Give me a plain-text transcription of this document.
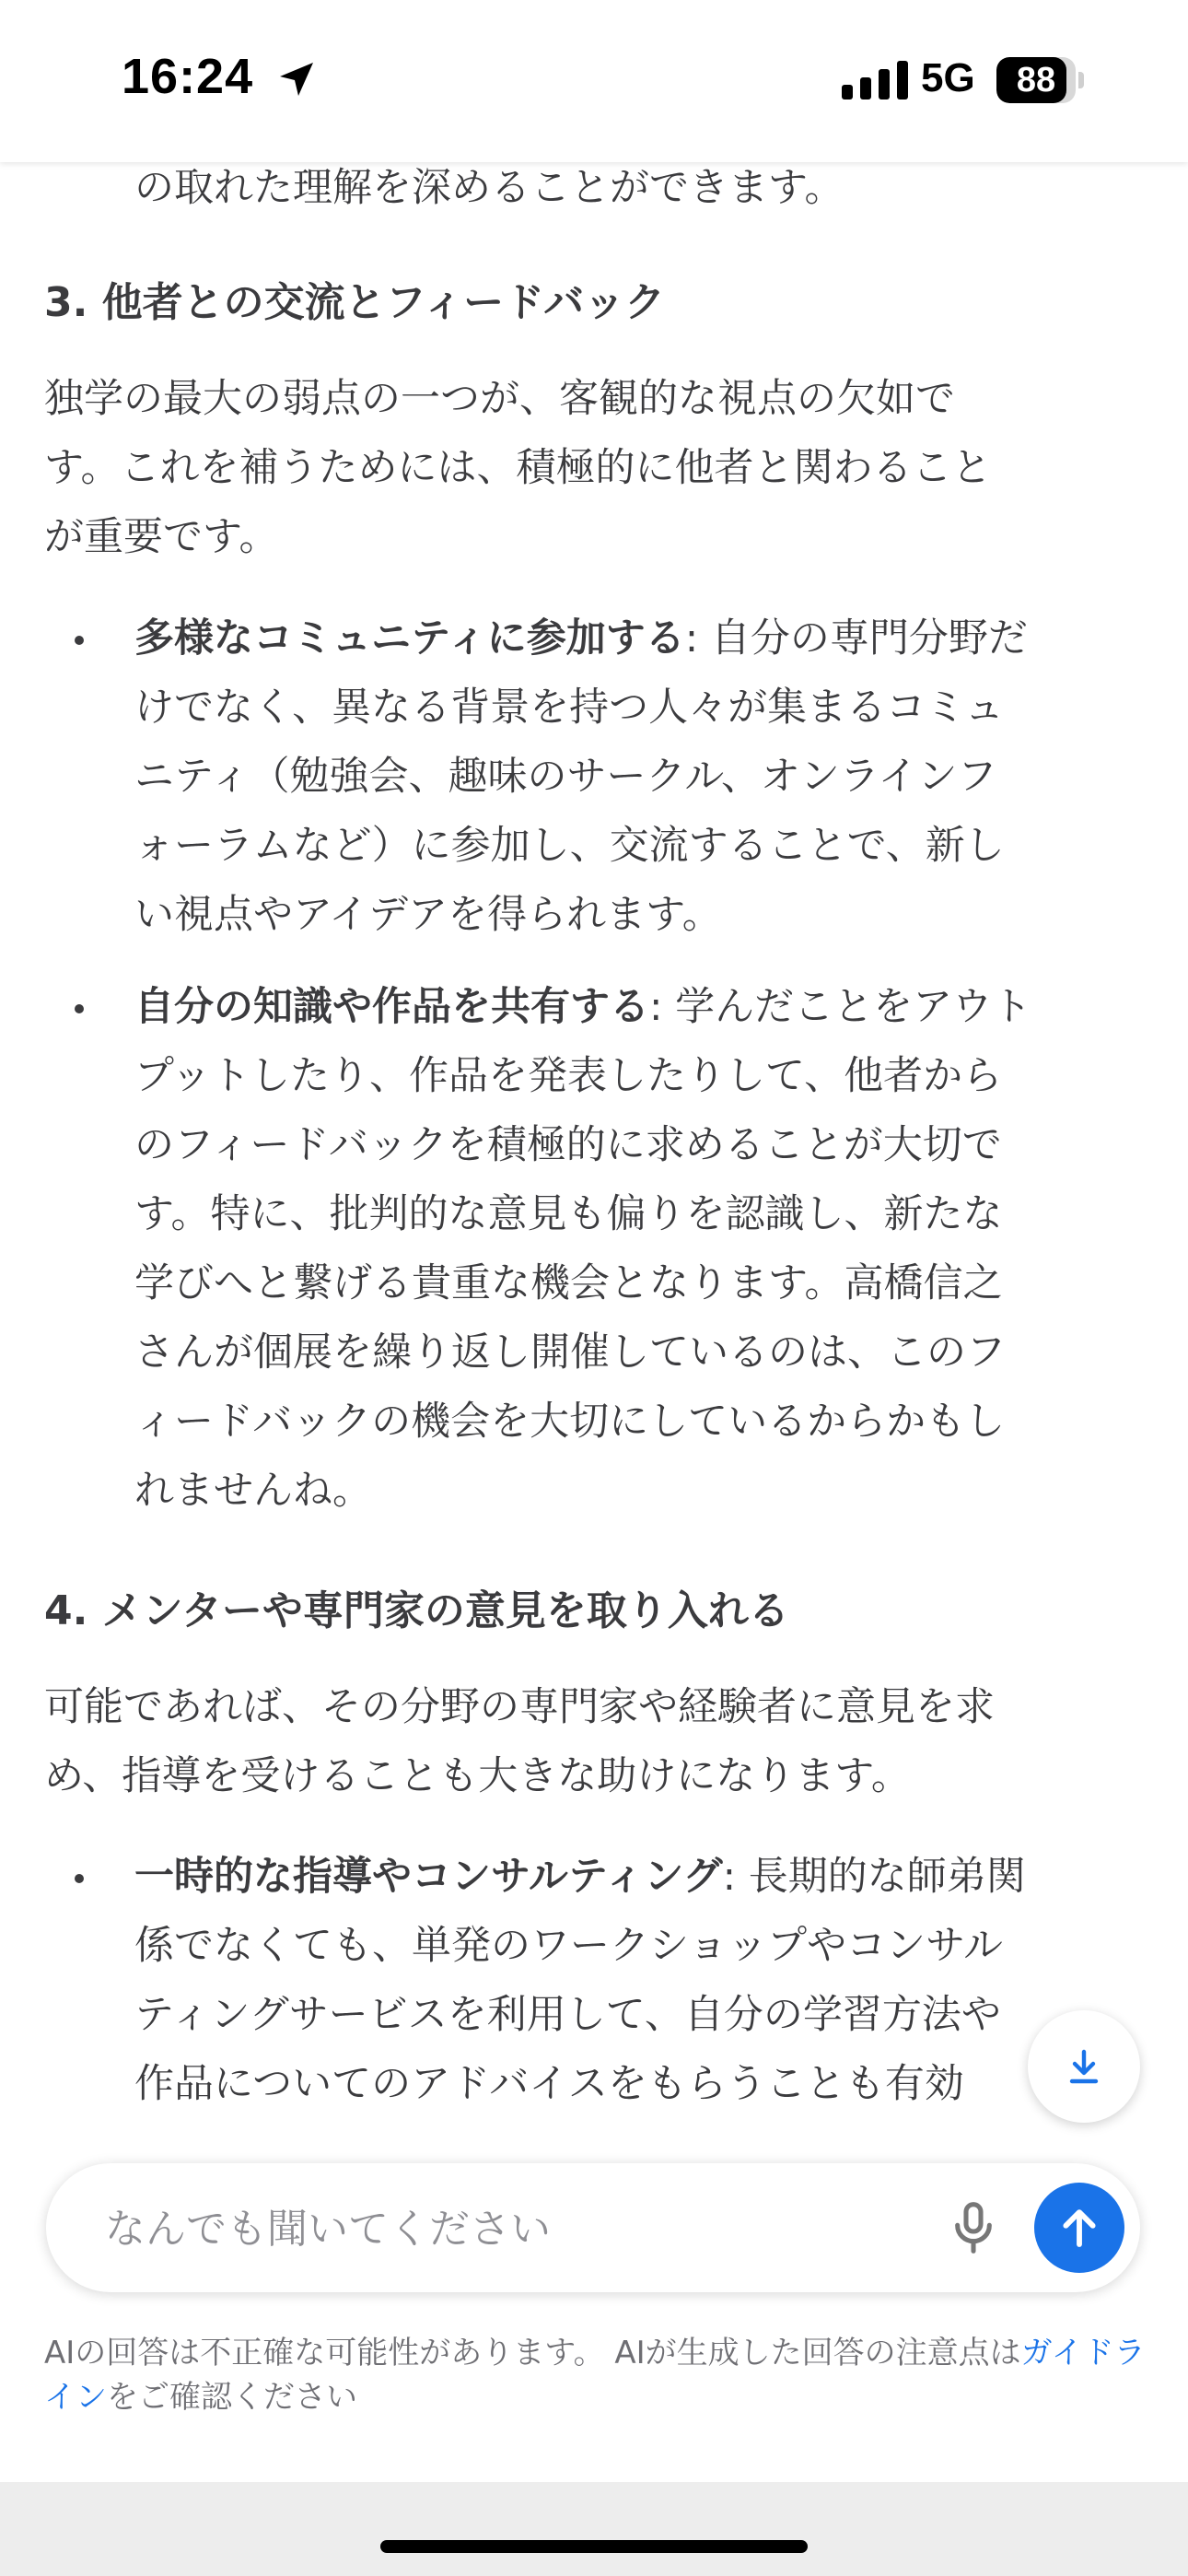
16:24	5G	88
の取れた理解を深めることができます。
3. 他者との交流とフィードバック
独学の最大の弱点の一つが、客観的な視点の欠如で
す。これを補うためには、積極的に他者と関わること
が重要です。
多様なコミュニティに参加する: 自分の専門分野だ
けでなく、異なる背景を持つ人々が集まるコミュ
ニティ（勉強会、趣味のサークル、オンラインフ
ォーラムなど）に参加し、交流することで、新し
い視点やアイデアを得られます。
自分の知識や作品を共有する: 学んだことをアウト
プットしたり、作品を発表したりして、他者から
のフィードバックを積極的に求めることが大切で
す。特に、批判的な意見も偏りを認識し、新たな
学びへと繋げる貴重な機会となります。高橋信之
さんが個展を繰り返し開催しているのは、このフ
ィードバックの機会を大切にしているからかもし
れませんね。
4. メンターや専門家の意見を取り入れる
可能であれば、その分野の専門家や経験者に意見を求
め、指導を受けることも大きな助けになります。
一時的な指導やコンサルティング: 長期的な師弟関
係でなくても、単発のワークショップやコンサル
ティングサービスを利用して、自分の学習方法や
作品についてのアドバイスをもらうことも有効
なんでも聞いてください
AIの回答は不正確な可能性があります。 AIが生成した回答の注意点はガイドラインをご確認ください
